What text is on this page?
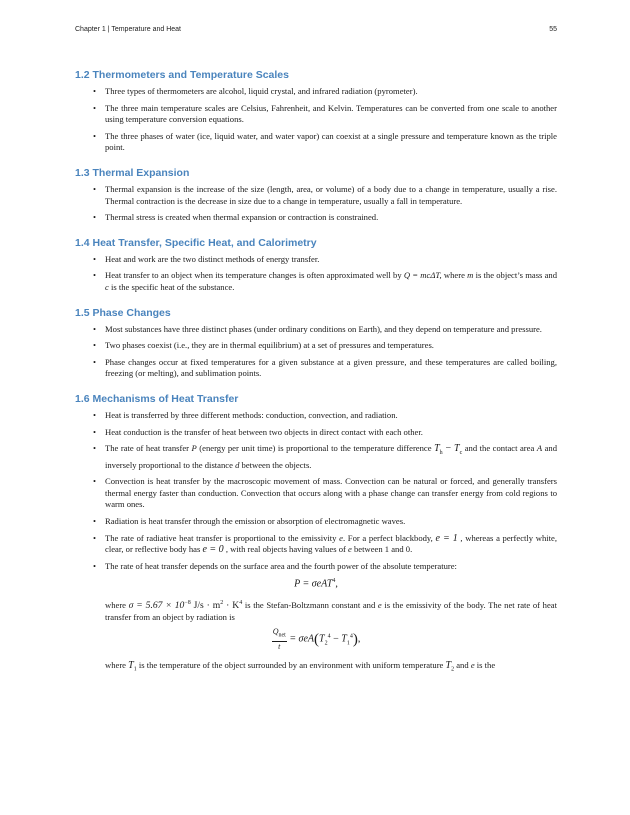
Chapter 1 | Temperature and Heat	55
1.2 Thermometers and Temperature Scales
• Three types of thermometers are alcohol, liquid crystal, and infrared radiation (pyrometer).
• The three main temperature scales are Celsius, Fahrenheit, and Kelvin. Temperatures can be converted from one scale to another using temperature conversion equations.
• The three phases of water (ice, liquid water, and water vapor) can coexist at a single pressure and temperature known as the triple point.
1.3 Thermal Expansion
• Thermal expansion is the increase of the size (length, area, or volume) of a body due to a change in temperature, usually a rise. Thermal contraction is the decrease in size due to a change in temperature, usually a fall in temperature.
• Thermal stress is created when thermal expansion or contraction is constrained.
1.4 Heat Transfer, Specific Heat, and Calorimetry
• Heat and work are the two distinct methods of energy transfer.
• Heat transfer to an object when its temperature changes is often approximated well by Q = mcΔT, where m is the object’s mass and c is the specific heat of the substance.
1.5 Phase Changes
• Most substances have three distinct phases (under ordinary conditions on Earth), and they depend on temperature and pressure.
• Two phases coexist (i.e., they are in thermal equilibrium) at a set of pressures and temperatures.
• Phase changes occur at fixed temperatures for a given substance at a given pressure, and these temperatures are called boiling, freezing (or melting), and sublimation points.
1.6 Mechanisms of Heat Transfer
• Heat is transferred by three different methods: conduction, convection, and radiation.
• Heat conduction is the transfer of heat between two objects in direct contact with each other.
• The rate of heat transfer P (energy per unit time) is proportional to the temperature difference $T_h - T_c$ and the contact area A and inversely proportional to the distance d between the objects.
• Convection is heat transfer by the macroscopic movement of mass. Convection can be natural or forced, and generally transfers thermal energy faster than conduction. Convection that occurs along with a phase change can transfer energy from cold regions to warm ones.
• Radiation is heat transfer through the emission or absorption of electromagnetic waves.
• The rate of radiative heat transfer is proportional to the emissivity e. For a perfect blackbody, e = 1 , whereas a perfectly white, clear, or reflective body has e = 0 , with real objects having values of e between 1 and 0.
• The rate of heat transfer depends on the surface area and the fourth power of the absolute temperature:
P = σeAT$^4$,

where $\sigma = 5.67 \times 10^{-8}$ $J/s \cdot m^2 \cdot K^4$ is the Stefan-Boltzmann constant and e is the emissivity of the body. The net rate of heat transfer from an object by radiation is

$\frac{Q_{net}}{t} = \sigma eA(T_2^4 - T_1^4)$,

where $T_1$ is the temperature of the object surrounded by an environment with uniform temperature $T_2$ and e is the
